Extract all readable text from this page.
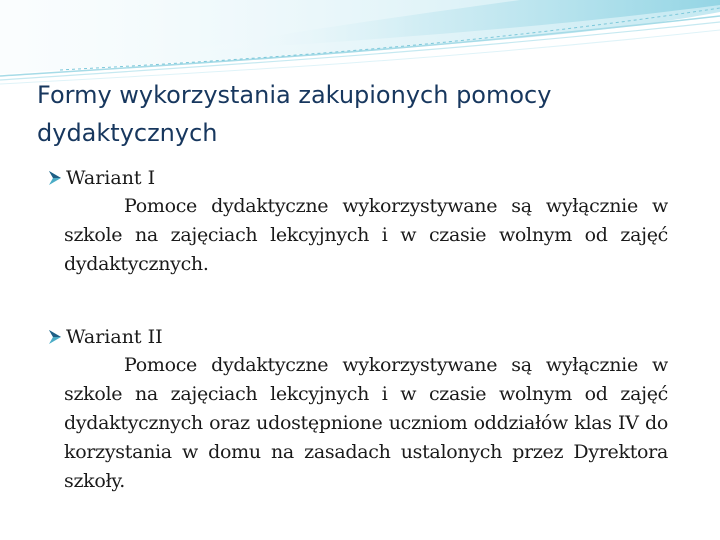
Formy wykorzystania zakupionych pomocy dydaktycznych
Wariant I
Pomoce dydaktyczne wykorzystywane są wyłącznie w szkole na zajęciach lekcyjnych i w czasie wolnym od zajęć dydaktycznych.
Wariant II
Pomoce dydaktyczne wykorzystywane są wyłącznie w szkole na zajęciach lekcyjnych i w czasie wolnym od zajęć dydaktycznych oraz udostępnione uczniom oddziałów klas IV do korzystania w domu na zasadach ustalonych przez Dyrektora szkoły.
